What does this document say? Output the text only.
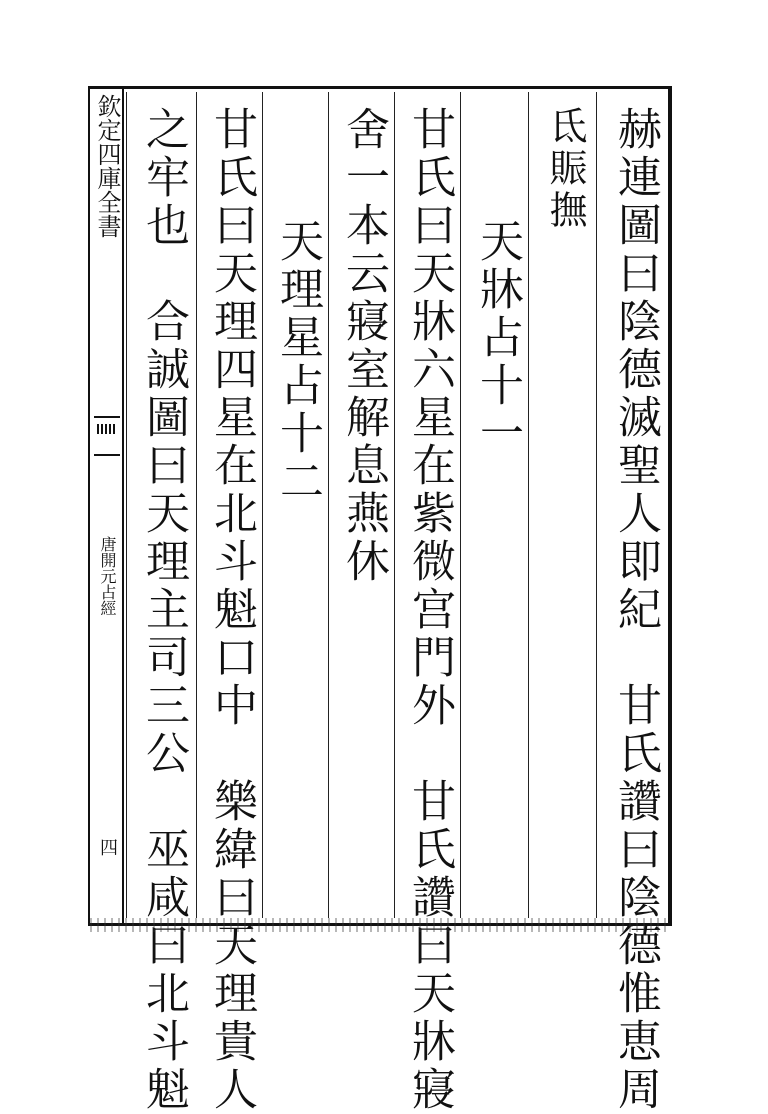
欽定四庫全書
唐開元占經
四	赫連圖曰陰德滅聖人即紀　甘氏讚曰陰德惟恵周
氐賑撫
天牀占十一
甘氏曰天牀六星在紫微宫門外　甘氏讚曰天牀寢
舍一本云寢室解息燕休
天理星占十二
甘氏曰天理四星在北斗魁口中　樂緯曰天理貴人
之牢也　合誠圖曰天理主司三公　巫咸曰北斗魁
